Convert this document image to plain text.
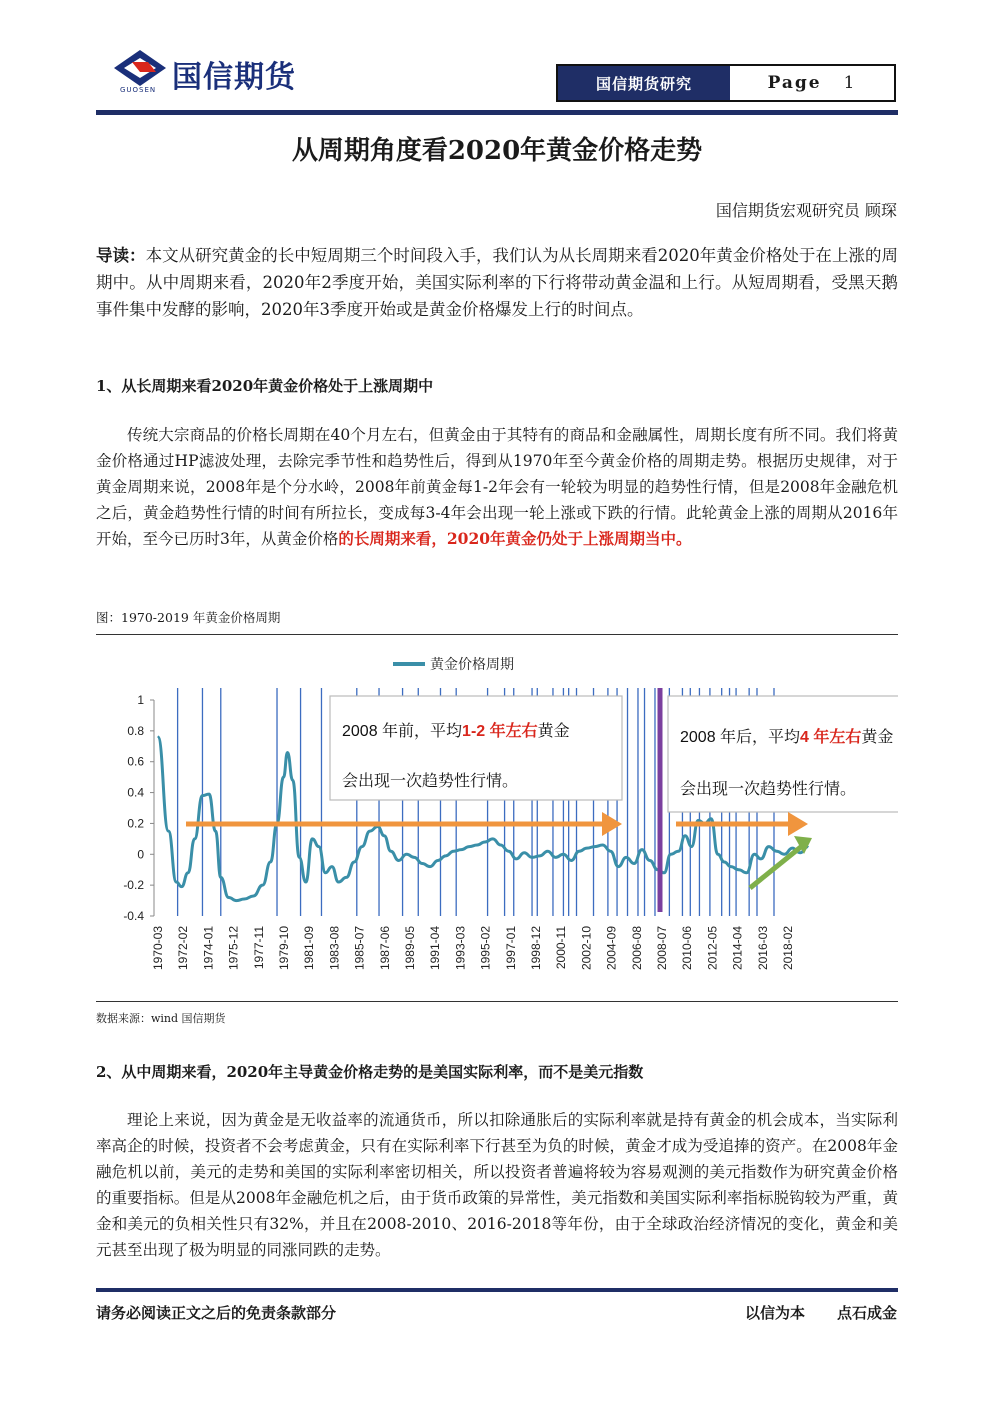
国信期货
GUOSEN	国信期货研究	Page 1
从周期角度看2020年黄金价格走势
国信期货宏观研究员 顾琛
导读：本文从研究黄金的长中短周期三个时间段入手，我们认为从长周期来看2020年黄金价格处于在上涨的周期中。从中周期来看，2020年2季度开始，美国实际利率的下行将带动黄金温和上行。从短周期看，受黑天鹅事件集中发酵的影响，2020年3季度开始或是黄金价格爆发上行的时间点。
1、从长周期来看2020年黄金价格处于上涨周期中
传统大宗商品的价格长周期在40个月左右，但黄金由于其特有的商品和金融属性，周期长度有所不同。我们将黄金价格通过HP滤波处理，去除完季节性和趋势性后，得到从1970年至今黄金价格的周期走势。根据历史规律，对于黄金周期来说，2008年是个分水岭，2008年前黄金每1-2年会有一轮较为明显的趋势性行情，但是2008年金融危机之后，黄金趋势性行情的时间有所拉长，变成每3-4年会出现一轮上涨或下跌的行情。此轮黄金上涨的周期从2016年开始，至今已历时3年，从黄金价格的长周期来看，2020年黄金仍处于上涨周期当中。
图：1970-2019 年黄金价格周期
黄金价格周期
1
0.8
0.6
0.4
0.2
0
-0.2
-0.4
1970-03 1972-02 1974-01 1975-12 1977-11 1979-10 1981-09 1983-08 1985-07 1987-06 1989-05 1991-04 1993-03 1995-02 1997-01 1998-12 2000-11 2002-10 2004-09 2006-08 2008-07 2010-06 2012-05 2014-04 2016-03 2018-02
2008 年前，平均1-2 年左右黄金
会出现一次趋势性行情。
2008 年后，平均4 年左右黄金
会出现一次趋势性行情。
数据来源：wind 国信期货
2、从中周期来看，2020年主导黄金价格走势的是美国实际利率，而不是美元指数
理论上来说，因为黄金是无收益率的流通货币，所以扣除通胀后的实际利率就是持有黄金的机会成本，当实际利率高企的时候，投资者不会考虑黄金，只有在实际利率下行甚至为负的时候，黄金才成为受追捧的资产。在2008年金融危机以前，美元的走势和美国的实际利率密切相关，所以投资者普遍将较为容易观测的美元指数作为研究黄金价格的重要指标。但是从2008年金融危机之后，由于货币政策的异常性，美元指数和美国实际利率指标脱钩较为严重，黄金和美元的负相关性只有32%，并且在2008-2010、2016-2018等年份，由于全球政治经济情况的变化，黄金和美元甚至出现了极为明显的同涨同跌的走势。
请务必阅读正文之后的免责条款部分	以信为本 点石成金
